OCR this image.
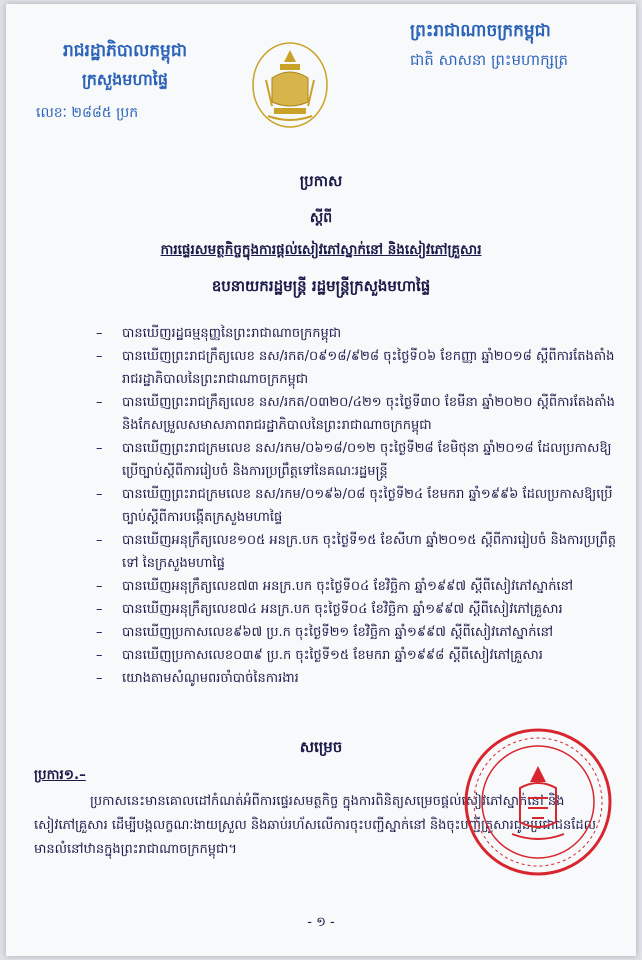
រាជរដ្ឋាភិបាលកម្ពុជា
ក្រសួងមហាផ្ទៃ
លេខៈ ២៨៨៥ ប្រក
ព្រះរាជាណាចក្រកម្ពុជា
ជាតិ សាសនា ព្រះមហាក្សត្រ
ប្រកាស
ស្តីពី
ការផ្ទេរសមត្ថកិច្ចក្នុងការផ្តល់សៀវភៅស្នាក់នៅ និងសៀវភៅគ្រួសារ
ឧបនាយករដ្ឋមន្ត្រី រដ្ឋមន្ត្រីក្រសួងមហាផ្ទៃ
– បានឃើញរដ្ឋធម្មនុញ្ញនៃព្រះរាជាណាចក្រកម្ពុជា
– បានឃើញព្រះរាជក្រឹត្យលេខ នស/រកត/០៩១៨/៩២៨ ចុះថ្ងៃទី០៦ ខែកញ្ញា ឆ្នាំ២០១៨ ស្តីពីការតែងតាំងរាជរដ្ឋាភិបាលនៃព្រះរាជាណាចក្រកម្ពុជា
– បានឃើញព្រះរាជក្រឹត្យលេខ នស/រកត/០៣២០/៤២១ ចុះថ្ងៃទី៣០ ខែមីនា ឆ្នាំ២០២០ ស្តីពីការតែងតាំង និងកែសម្រួលសមាសភាពរាជរដ្ឋាភិបាលនៃព្រះរាជាណាចក្រកម្ពុជា
– បានឃើញព្រះរាជក្រមលេខ នស/រកម/០៦១៨/០១២ ចុះថ្ងៃទី២៨ ខែមិថុនា ឆ្នាំ២០១៨ ដែលប្រកាសឱ្យប្រើច្បាប់ស្តីពីការរៀបចំ និងការប្រព្រឹត្តទៅនៃគណៈរដ្ឋមន្ត្រី
– បានឃើញព្រះរាជក្រមលេខ នស/រកម/០១៩៦/០៨ ចុះថ្ងៃទី២៤ ខែមករា ឆ្នាំ១៩៩៦ ដែលប្រកាសឱ្យប្រើច្បាប់ស្តីពីការបង្កើតក្រសួងមហាផ្ទៃ
– បានឃើញអនុក្រឹត្យលេខ១០៥ អនក្រ.បក ចុះថ្ងៃទី១៥ ខែសីហា ឆ្នាំ២០១៥ ស្តីពីការរៀបចំ និងការប្រព្រឹត្តទៅ នៃក្រសួងមហាផ្ទៃ
– បានឃើញអនុក្រឹត្យលេខ៧៣ អនក្រ.បក ចុះថ្ងៃទី០៤ ខែវិច្ឆិកា ឆ្នាំ១៩៩៧ ស្តីពីសៀវភៅស្នាក់នៅ
– បានឃើញអនុក្រឹត្យលេខ៧៤ អនក្រ.បក ចុះថ្ងៃទី០៤ ខែវិច្ឆិកា ឆ្នាំ១៩៩៧ ស្តីពីសៀវភៅគ្រួសារ
– បានឃើញប្រកាសលេខ៩៦៧ ប្រ.ក ចុះថ្ងៃទី២១ ខែវិច្ឆិកា ឆ្នាំ១៩៩៧ ស្តីពីសៀវភៅស្នាក់នៅ
– បានឃើញប្រកាសលេខ០៣៩ ប្រ.ក ចុះថ្ងៃទី១៥ ខែមករា ឆ្នាំ១៩៩៨ ស្តីពីសៀវភៅគ្រួសារ
– យោងតាមសំណូមពរចាំបាច់នៃការងារ
សម្រេច
ប្រការ១.–
ប្រកាសនេះមានគោលដៅកំណត់អំពីការផ្ទេរសមត្ថកិច្ច ក្នុងការពិនិត្យសម្រេចផ្តល់សៀវភៅស្នាក់នៅ និងសៀវភៅគ្រួសារ ដើម្បីបង្កលក្ខណៈងាយស្រួល និងឆាប់រហ័សលើការចុះបញ្ជីស្នាក់នៅ និងចុះបញ្ជីគ្រួសារជូនប្រជាជនដែលមានលំនៅឋានក្នុងព្រះរាជាណាចក្រកម្ពុជា។
- ១ -
